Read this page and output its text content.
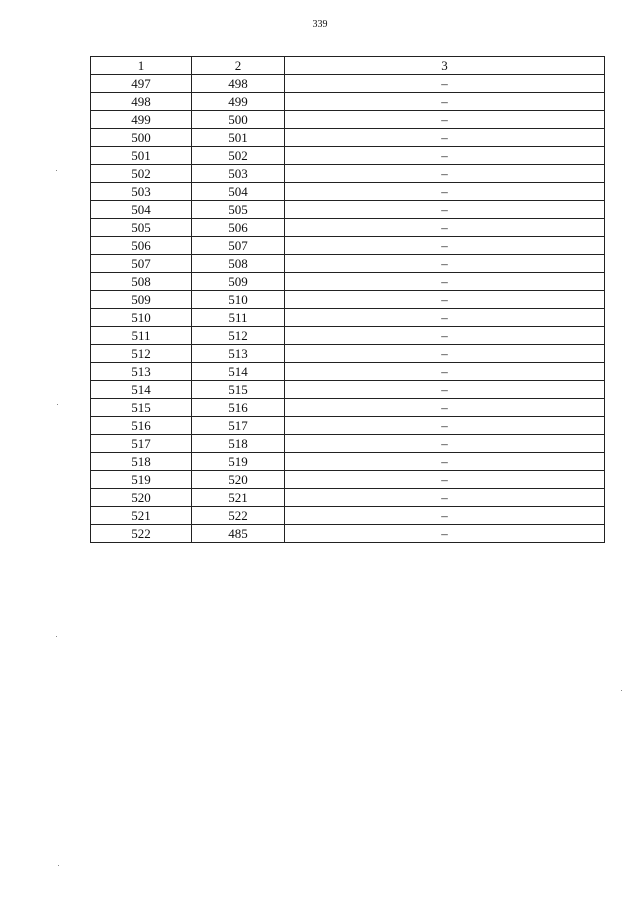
339
1	2	3
497	498	–
498	499	–
499	500	–
500	501	–
501	502	–
502	503	–
503	504	–
504	505	–
505	506	–
506	507	–
507	508	–
508	509	–
509	510	–
510	511	–
511	512	–
512	513	–
513	514	–
514	515	–
515	516	–
516	517	–
517	518	–
518	519	–
519	520	–
520	521	–
521	522	–
522	485	–
